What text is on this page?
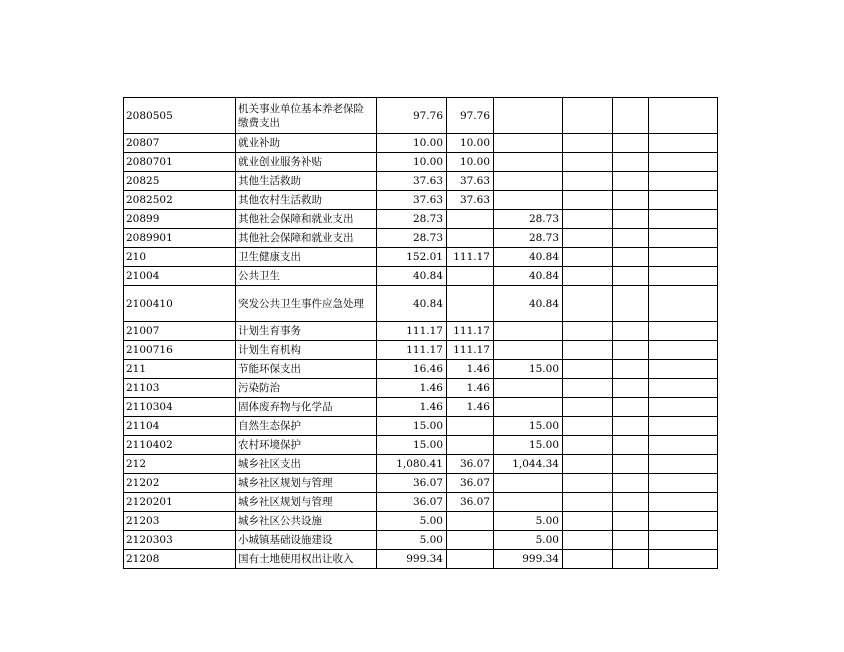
2080505	机关事业单位基本养老保险缴费支出	97.76	97.76				
20807	就业补助	10.00	10.00				
2080701	就业创业服务补贴	10.00	10.00				
20825	其他生活救助	37.63	37.63				
2082502	其他农村生活救助	37.63	37.63				
20899	其他社会保障和就业支出	28.73		28.73			
2089901	其他社会保障和就业支出	28.73		28.73			
210	卫生健康支出	152.01	111.17	40.84			
21004	公共卫生	40.84		40.84			
2100410	突发公共卫生事件应急处理	40.84		40.84			
21007	计划生育事务	111.17	111.17				
2100716	计划生育机构	111.17	111.17				
211	节能环保支出	16.46	1.46	15.00			
21103	污染防治	1.46	1.46				
2110304	固体废弃物与化学品	1.46	1.46				
21104	自然生态保护	15.00		15.00			
2110402	农村环境保护	15.00		15.00			
212	城乡社区支出	1,080.41	36.07	1,044.34			
21202	城乡社区规划与管理	36.07	36.07				
2120201	城乡社区规划与管理	36.07	36.07				
21203	城乡社区公共设施	5.00		5.00			
2120303	小城镇基础设施建设	5.00		5.00			
21208	国有土地使用权出让收入	999.34		999.34			
